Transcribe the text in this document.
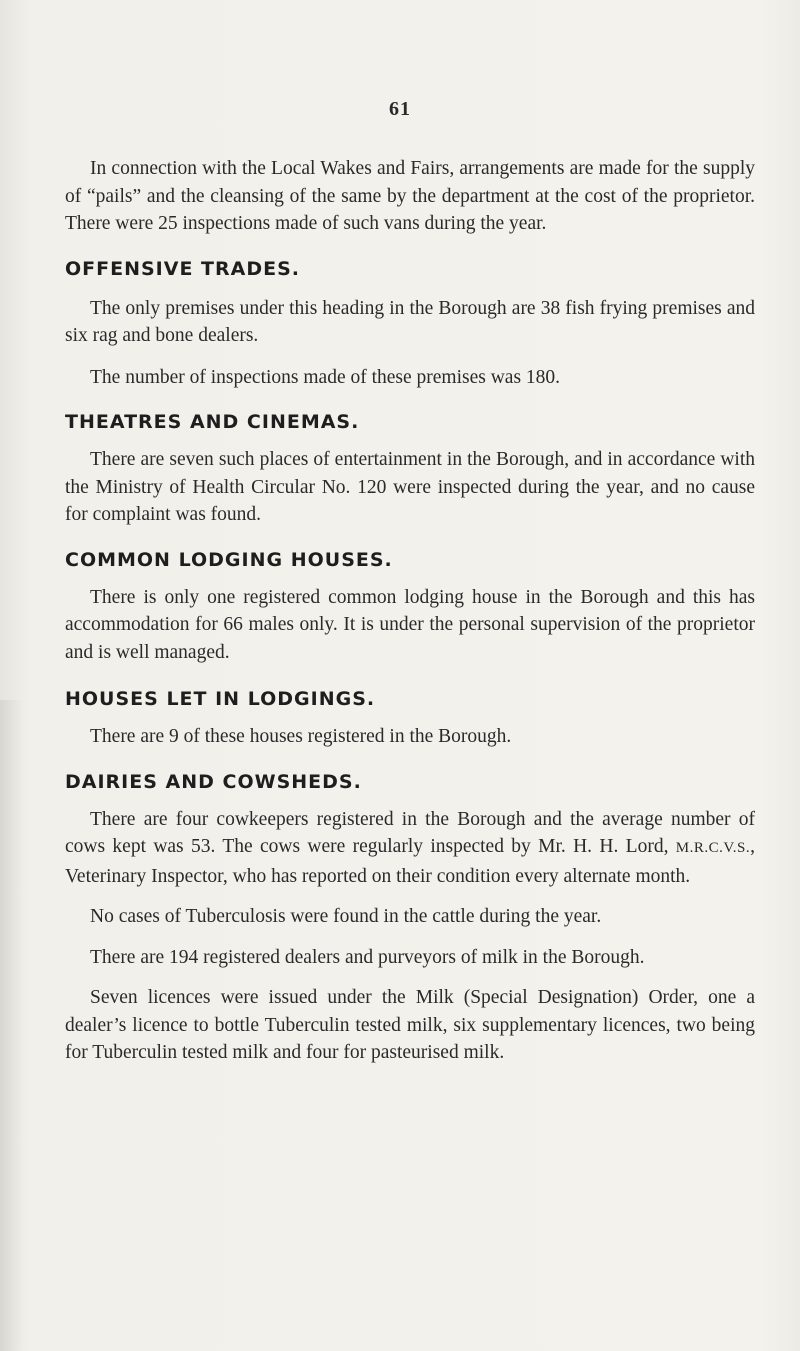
61

In connection with the Local Wakes and Fairs, arrangements are made for the supply of “pails” and the cleansing of the same by the department at the cost of the proprietor. There were 25 inspections made of such vans during the year.

OFFENSIVE TRADES.

The only premises under this heading in the Borough are 38 fish frying premises and six rag and bone dealers.

The number of inspections made of these premises was 180.

THEATRES AND CINEMAS.

There are seven such places of entertainment in the Borough, and in accordance with the Ministry of Health Circular No. 120 were inspected during the year, and no cause for complaint was found.

COMMON LODGING HOUSES.

There is only one registered common lodging house in the Borough and this has accommodation for 66 males only. It is under the personal supervision of the proprietor and is well managed.

HOUSES LET IN LODGINGS.

There are 9 of these houses registered in the Borough.

DAIRIES AND COWSHEDS.

There are four cowkeepers registered in the Borough and the average number of cows kept was 53. The cows were regularly inspected by Mr. H. H. Lord, M.R.C.V.S., Veterinary Inspector, who has reported on their condition every alternate month.

No cases of Tuberculosis were found in the cattle during the year.

There are 194 registered dealers and purveyors of milk in the Borough.

Seven licences were issued under the Milk (Special Designation) Order, one a dealer’s licence to bottle Tuberculin tested milk, six supplementary licences, two being for Tuberculin tested milk and four for pasteurised milk.
